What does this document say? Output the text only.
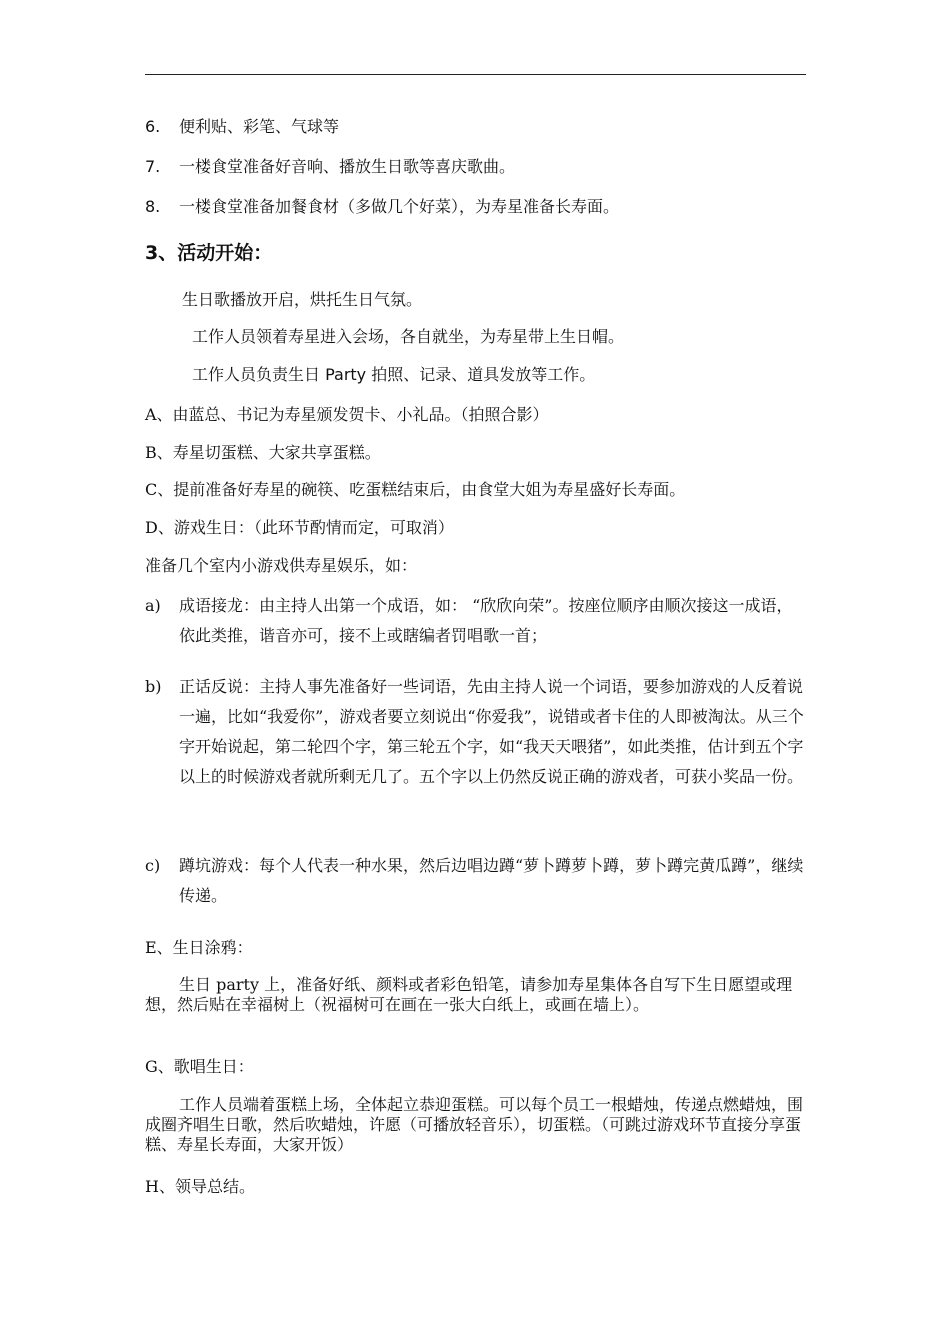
6. 便利贴、彩笔、气球等

7. 一楼食堂准备好音响、播放生日歌等喜庆歌曲。

8. 一楼食堂准备加餐食材（多做几个好菜），为寿星准备长寿面。

3、活动开始：

生日歌播放开启，烘托生日气氛。

工作人员领着寿星进入会场，各自就坐，为寿星带上生日帽。

工作人员负责生日 Party 拍照、记录、道具发放等工作。

A、由蓝总、书记为寿星颁发贺卡、小礼品。（拍照合影）

B、寿星切蛋糕、大家共享蛋糕。

C、提前准备好寿星的碗筷、吃蛋糕结束后，由食堂大姐为寿星盛好长寿面。

D、游戏生日：（此环节酌情而定，可取消）

准备几个室内小游戏供寿星娱乐，如：

a) 成语接龙：由主持人出第一个成语，如： “欣欣向荣”。按座位顺序由顺次接这一成语，依此类推，谐音亦可，接不上或瞎编者罚唱歌一首；
b) 正话反说：主持人事先准备好一些词语，先由主持人说一个词语，要参加游戏的人反着说一遍，比如“我爱你”，游戏者要立刻说出“你爱我”，说错或者卡住的人即被淘汰。从三个字开始说起，第二轮四个字，第三轮五个字，如“我天天喂猪”，如此类推，估计到五个字以上的时候游戏者就所剩无几了。五个字以上仍然反说正确的游戏者，可获小奖品一份。
c) 蹲坑游戏：每个人代表一种水果，然后边唱边蹲“萝卜蹲萝卜蹲，萝卜蹲完黄瓜蹲”，继续传递。

E、生日涂鸦：

生日 party 上，准备好纸、颜料或者彩色铅笔，请参加寿星集体各自写下生日愿望或理想，然后贴在幸福树上（祝福树可在画在一张大白纸上，或画在墙上）。

G、歌唱生日：

工作人员端着蛋糕上场，全体起立恭迎蛋糕。可以每个员工一根蜡烛，传递点燃蜡烛，围成圈齐唱生日歌，然后吹蜡烛，许愿（可播放轻音乐），切蛋糕。（可跳过游戏环节直接分享蛋糕、寿星长寿面，大家开饭）

H、领导总结。
